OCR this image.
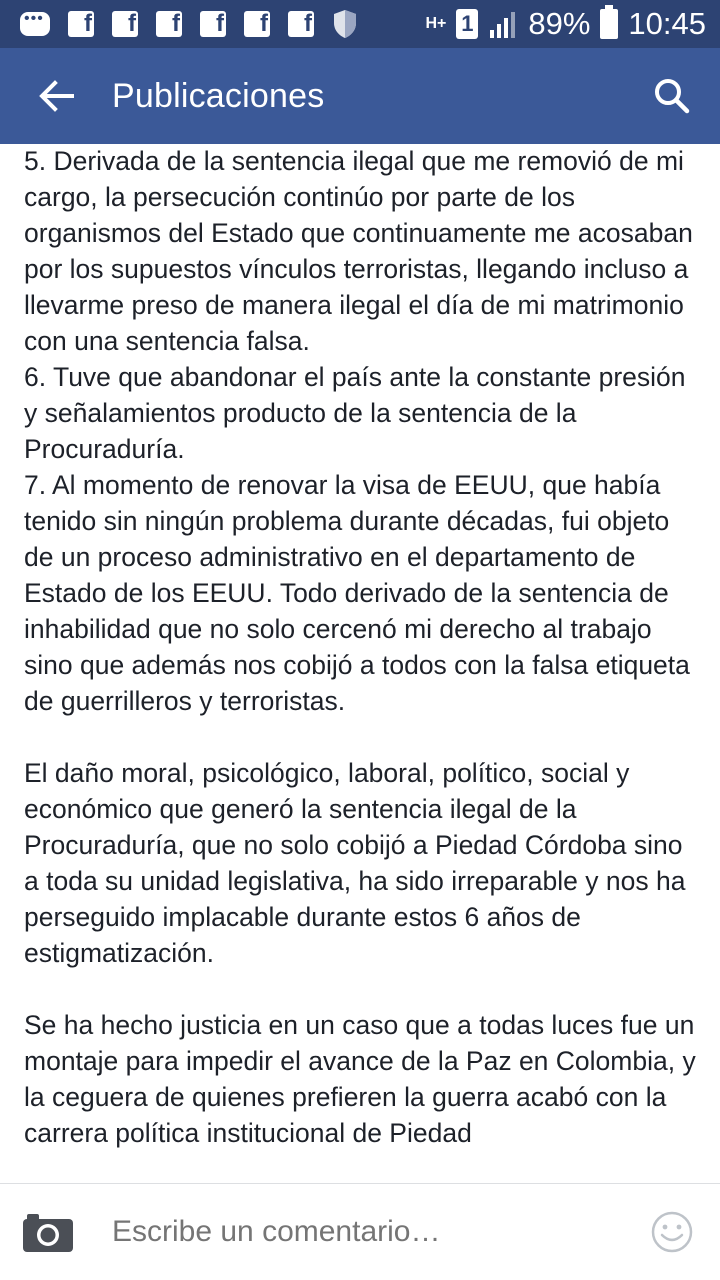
•••
f	f	f	f	f	f	H+ 1 89% 10:45
Publicaciones

5. Derivada de la sentencia ilegal que me removió de mi cargo, la persecución continúo por parte de los organismos del Estado que continuamente me acosaban por los supuestos vínculos terroristas, llegando incluso a llevarme preso de manera ilegal el día de mi matrimonio con una sentencia falsa.

6. Tuve que abandonar el país ante la constante presión y señalamientos producto de la sentencia de la Procuraduría.

7. Al momento de renovar la visa de EEUU, que había tenido sin ningún problema durante décadas, fui objeto de un proceso administrativo en el departamento de Estado de los EEUU. Todo derivado de la sentencia de inhabilidad que no solo cercenó mi derecho al trabajo sino que además nos cobijó a todos con la falsa etiqueta de guerrilleros y terroristas.

El daño moral, psicológico, laboral, político, social y económico que generó la sentencia ilegal de la Procuraduría, que no solo cobijó a Piedad Córdoba sino a toda su unidad legislativa, ha sido irreparable y nos ha perseguido implacable durante estos 6 años de estigmatización.

Se ha hecho justicia en un caso que a todas luces fue un montaje para impedir el avance de la Paz en Colombia, y la ceguera de quienes prefieren la guerra acabó con la carrera política institucional de Piedad

Escribe un comentario…
